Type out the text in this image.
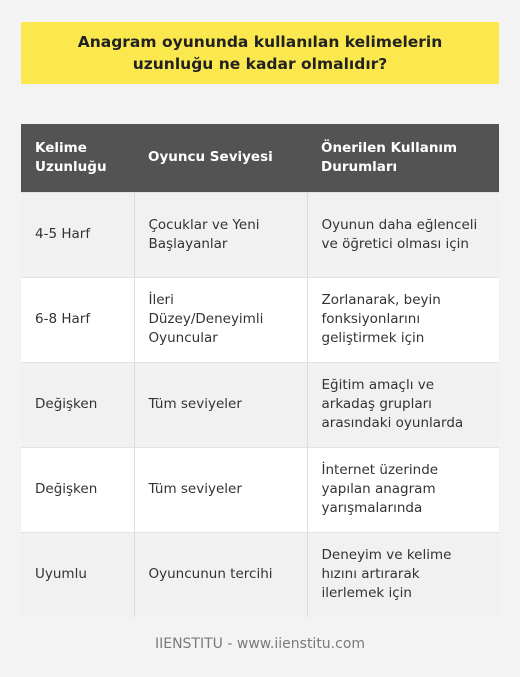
Anagram oyununda kullanılan kelimelerin uzunluğu ne kadar olmalıdır?
Kelime Uzunluğu	Oyuncu Seviyesi	Önerilen Kullanım Durumları
4-5 Harf	Çocuklar ve Yeni Başlayanlar	Oyunun daha eğlenceli ve öğretici olması için
6-8 Harf	İleri Düzey/Deneyimli Oyuncular	Zorlanarak, beyin fonksiyonlarını geliştirmek için
Değişken	Tüm seviyeler	Eğitim amaçlı ve arkadaş grupları arasındaki oyunlarda
Değişken	Tüm seviyeler	İnternet üzerinde yapılan anagram yarışmalarında
Uyumlu	Oyuncunun tercihi	Deneyim ve kelime hızını artırarak ilerlemek için
IIENSTITU - www.iienstitu.com
